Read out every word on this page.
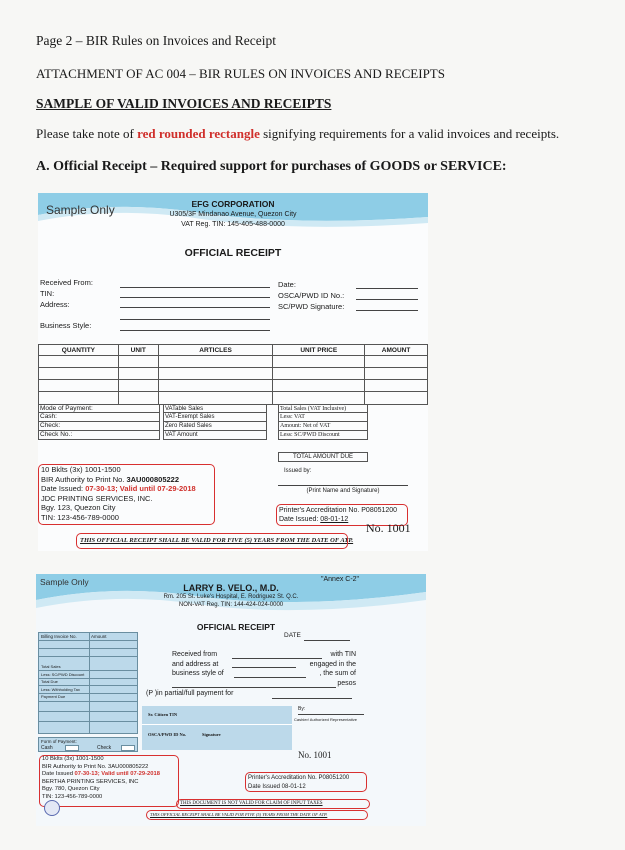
Page 2 – BIR Rules on Invoices and Receipt
ATTACHMENT OF AC 004 – BIR RULES ON INVOICES AND RECEIPTS
SAMPLE OF VALID INVOICES AND RECEIPTS
Please take note of red rounded rectangle signifying requirements for a valid invoices and receipts.
A. Official Receipt – Required support for purchases of GOODS or SERVICE:
Sample Only	EFG CORPORATION
U305/3F Mindanao Avenue, Quezon City
VAT Reg. TIN: 145-405-488-0000
OFFICIAL RECEIPT
Received From:
TIN:
Address:
Business Style:
Date:
OSCA/PWD ID No.:
SC/PWD Signature:
QUANTITY	UNIT	ARTICLES	UNIT PRICE	AMOUNT

Mode of Payment:
Cash:
Check:
Check No.:
VATable Sales
VAT-Exempt Sales
Zero Rated Sales
VAT Amount
Total Sales (VAT Inclusive)
Less: VAT
Amount: Net of VAT
Less: SC/PWD Discount
TOTAL AMOUNT DUE
Issued by:
(Print Name and Signature)
10 Bklts (3x) 1001-1500
BIR Authority to Print No. 3AU000805222
Date Issued: 07-30-13; Valid until 07-29-2018
JDC PRINTING SERVICES, INC.
Bgy. 123, Quezon City
TIN: 123-456-789-0000
Printer's Accreditation No. P08051200
Date Issued: 08-01-12
No. 1001
THIS OFFICIAL RECEIPT SHALL BE VALID FOR FIVE (5) YEARS FROM THE DATE OF ATP.
Sample Only	"Annex C-2"
LARRY B. VELO., M.D.
Rm. 205 St. Luke's Hospital, E. Rodriguez St. Q.C.
NON-VAT Reg. TIN: 144-424-024-0000
OFFICIAL RECEIPT
Billing Invoice No.	Amount
Total Sales
Less: SC/PWD Discount
Total Due
Less: Withholding Tax
Payment Due
Form of Payment:
Cash	Check
DATE
Received from
and address at
business style of
with TIN
engaged in the
, the sum of
pesos
(P )in partial/full payment for
Sr. Citizen TIN
OSCA/PWD ID No.	Signature
By:
Cashier/ Authorized Representative
No. 1001
10 Bklts (3x) 1001-1500
BIR Authority to Print No. 3AU000805222
Date Issued 07-30-13; Valid until 07-29-2018
BERTHA PRINTING SERVICES, INC
Bgy. 780, Quezon City
TIN: 123-456-789-0000
Printer's Accreditation No. P08051200
Date Issued 08-01-12
THIS DOCUMENT IS NOT VALID FOR CLAIM OF INPUT TAXES
THIS OFFICIAL RECEIPT SHALL BE VALID FOR FIVE (5) YEARS FROM THE DATE OF ATP.
